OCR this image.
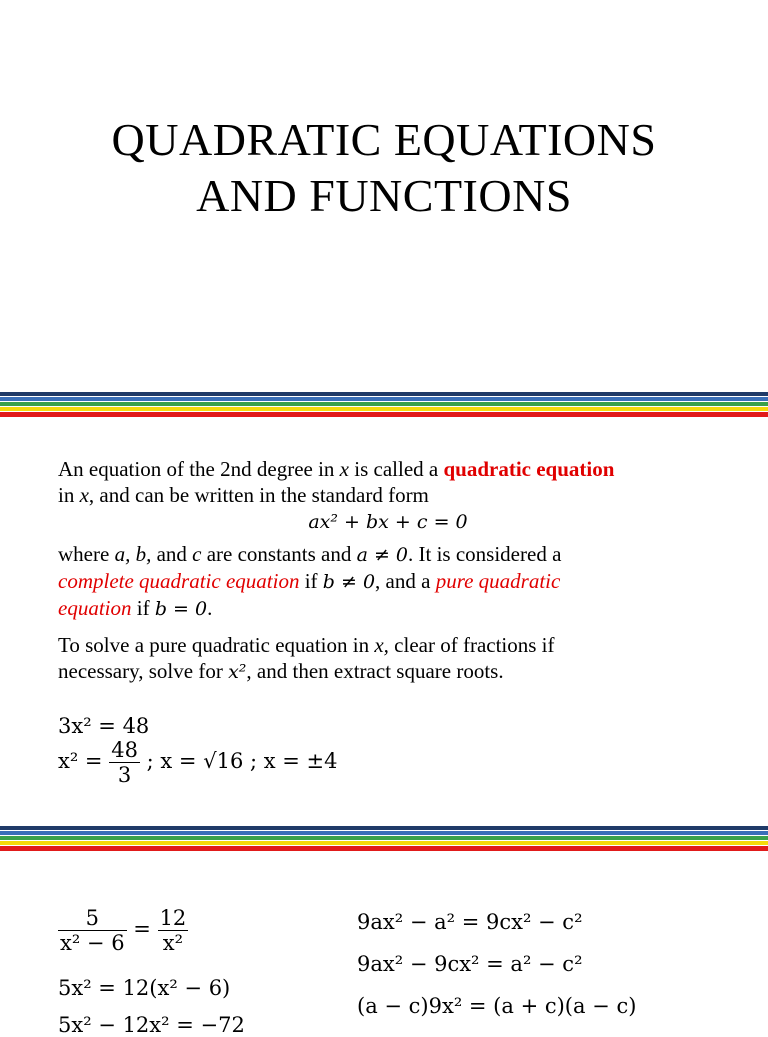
QUADRATIC EQUATIONS
AND FUNCTIONS
An equation of the 2nd degree in x is called a quadratic equation
in x, and can be written in the standard form
ax² + bx + c = 0
where a, b, and c are constants and a ≠ 0. It is considered a
complete quadratic equation if b ≠ 0, and a pure quadratic
equation if b = 0.
To solve a pure quadratic equation in x, clear of fractions if
necessary, solve for x², and then extract square roots.
3x² = 48
$x^2 = \frac{48}{3}$ ; x = √16 ; x = ±4
$\frac{5}{\text{x² − 6}} = \frac{12}{\text{x²}}$
5x² = 12(x² − 6)
5x² − 12x² = −72
9ax² − a² = 9cx² − c²
9ax² − 9cx² = a² − c²
(a − c)9x² = (a + c)(a − c)
